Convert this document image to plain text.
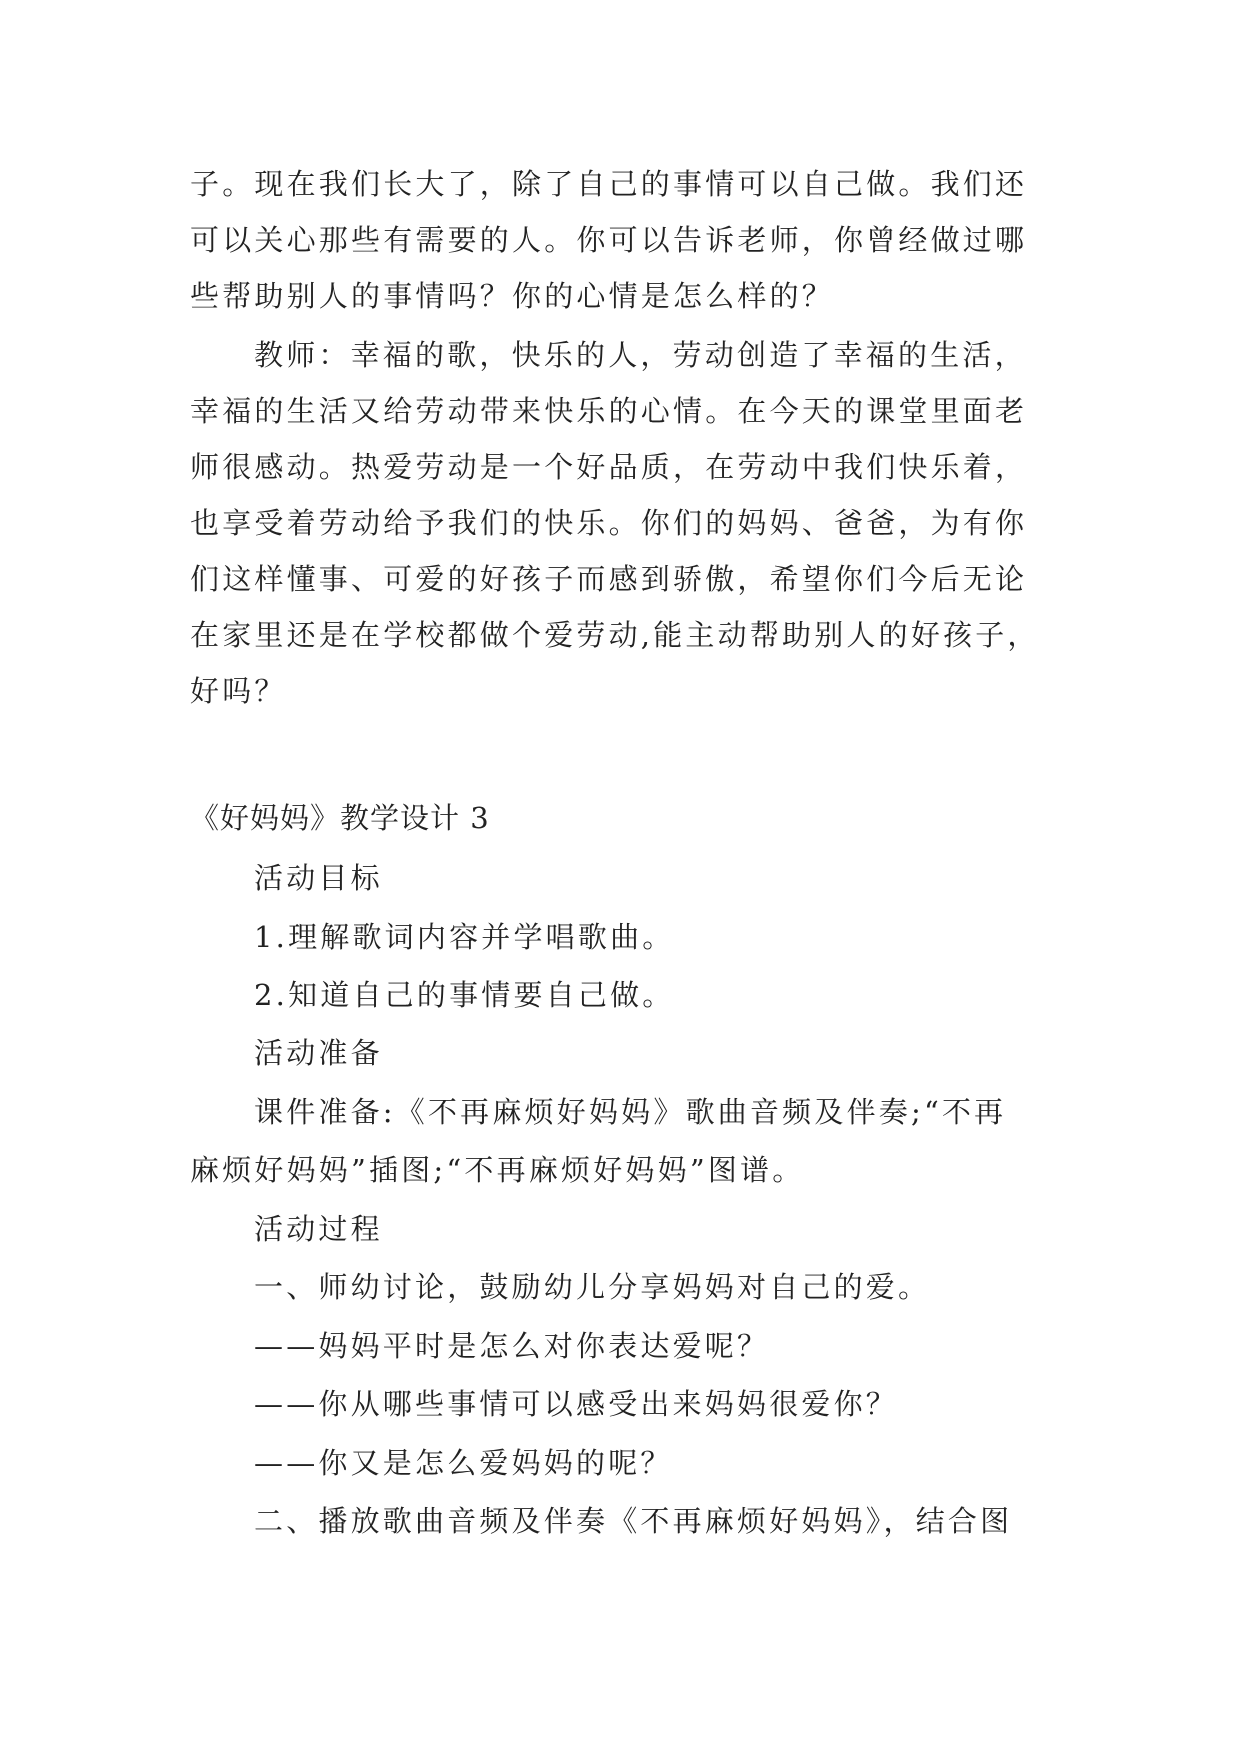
子。现在我们长大了，除了自己的事情可以自己做。我们还
可以关心那些有需要的人。你可以告诉老师，你曾经做过哪
些帮助别人的事情吗？你的心情是怎么样的？
教师：幸福的歌，快乐的人，劳动创造了幸福的生活，
幸福的生活又给劳动带来快乐的心情。在今天的课堂里面老
师很感动。热爱劳动是一个好品质，在劳动中我们快乐着，
也享受着劳动给予我们的快乐。你们的妈妈、爸爸，为有你
们这样懂事、可爱的好孩子而感到骄傲，希望你们今后无论
在家里还是在学校都做个爱劳动,能主动帮助别人的好孩子，
好吗？
《好妈妈》教学设计 3
活动目标
1.理解歌词内容并学唱歌曲。
2.知道自己的事情要自己做。
活动准备
课件准备:《不再麻烦好妈妈》歌曲音频及伴奏;“不再
麻烦好妈妈”插图;“不再麻烦好妈妈”图谱。
活动过程
一、师幼讨论，鼓励幼儿分享妈妈对自己的爱。
——妈妈平时是怎么对你表达爱呢？
——你从哪些事情可以感受出来妈妈很爱你？
——你又是怎么爱妈妈的呢？
二、播放歌曲音频及伴奏《不再麻烦好妈妈》，结合图
